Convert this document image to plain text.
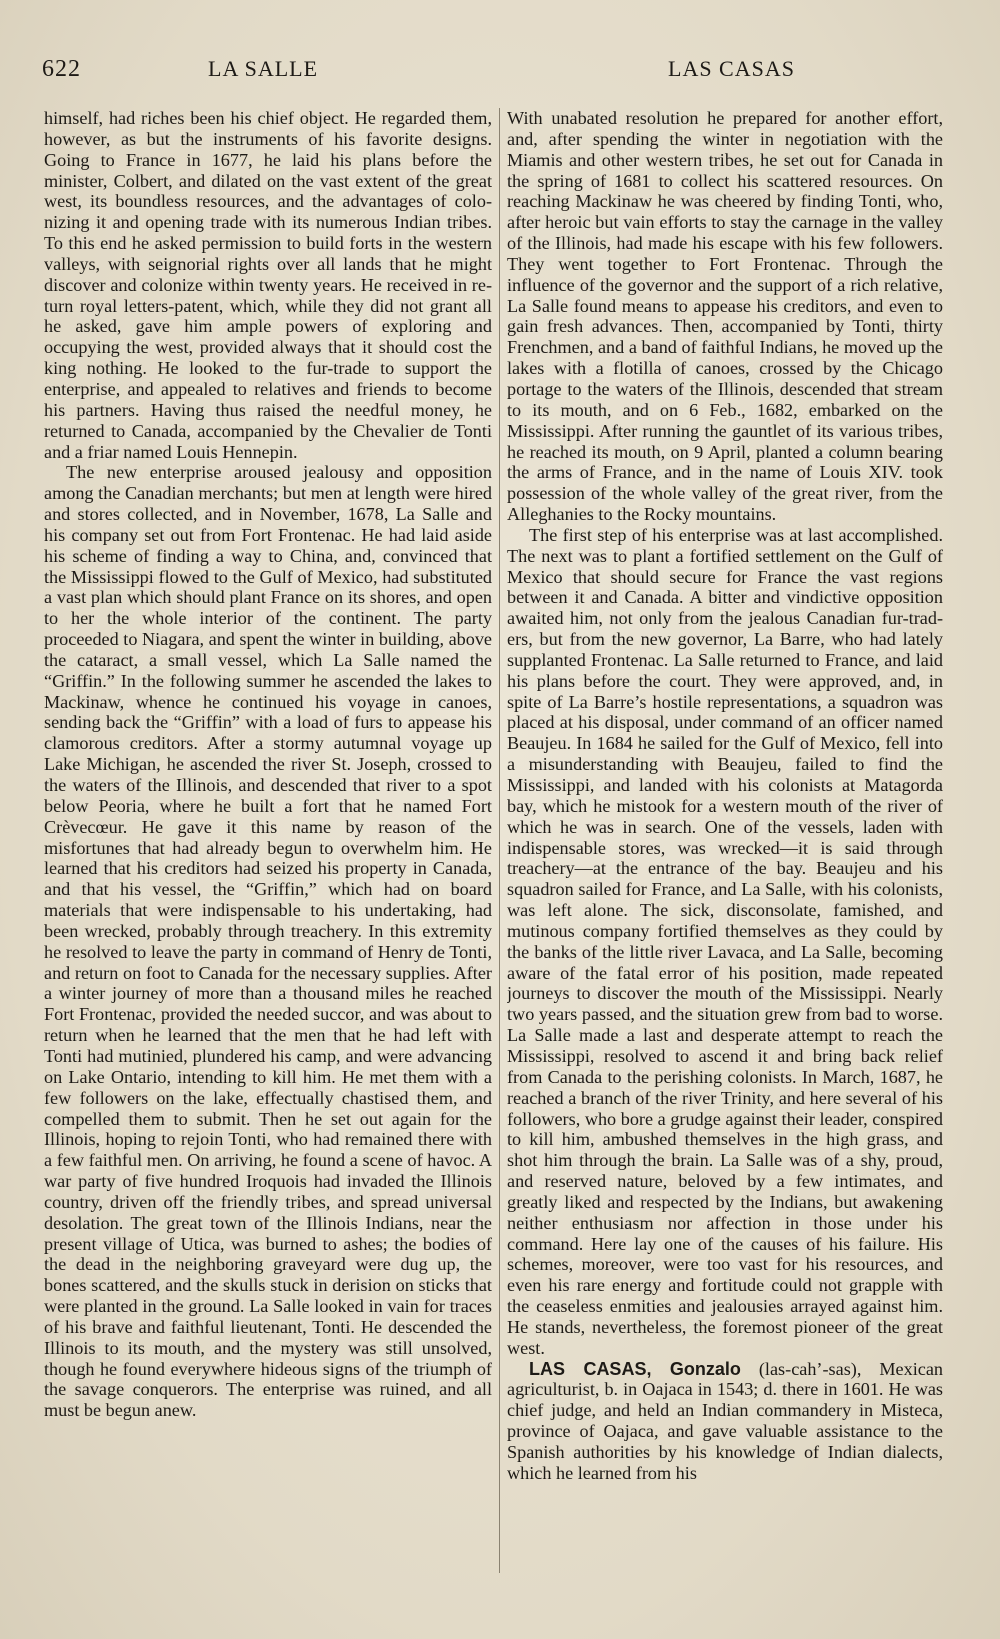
622	LA SALLE	LAS CASAS

himself, had riches been his chief object. He regarded them, however, as but the instruments of his favorite designs. Going to France in 1677, he laid his plans before the minister, Colbert, and dilated on the vast extent of the great west, its boundless resources, and the advantages of colonizing it and opening trade with its numerous Indian tribes. To this end he asked permission to build forts in the western valleys, with seignorial rights over all lands that he might discover and colonize within twenty years. He received in return royal letters-patent, which, while they did not grant all he asked, gave him ample powers of exploring and occupying the west, provided always that it should cost the king nothing. He looked to the fur-trade to support the enterprise, and appealed to relatives and friends to become his partners. Having thus raised the needful money, he returned to Canada, accompanied by the Chevalier de Tonti and a friar named Louis Hennepin.

The new enterprise aroused jealousy and opposition among the Canadian merchants; but men at length were hired and stores collected, and in November, 1678, La Salle and his company set out from Fort Frontenac. He had laid aside his scheme of finding a way to China, and, convinced that the Mississippi flowed to the Gulf of Mexico, had substituted a vast plan which should plant France on its shores, and open to her the whole interior of the continent. The party proceeded to Niagara, and spent the winter in building, above the cataract, a small vessel, which La Salle named the “Griffin.” In the following summer he ascended the lakes to Mackinaw, whence he continued his voyage in canoes, sending back the “Griffin” with a load of furs to appease his clamorous creditors. After a stormy autumnal voyage up Lake Michigan, he ascended the river St. Joseph, crossed to the waters of the Illinois, and descended that river to a spot below Peoria, where he built a fort that he named Fort Crèvecœur. He gave it this name by reason of the misfortunes that had already begun to overwhelm him. He learned that his creditors had seized his property in Canada, and that his vessel, the “Griffin,” which had on board materials that were indispensable to his undertaking, had been wrecked, probably through treachery. In this extremity he resolved to leave the party in command of Henry de Tonti, and return on foot to Canada for the necessary supplies. After a winter journey of more than a thousand miles he reached Fort Frontenac, provided the needed succor, and was about to return when he learned that the men that he had left with Tonti had mutinied, plundered his camp, and were advancing on Lake Ontario, intending to kill him. He met them with a few followers on the lake, effectually chastised them, and compelled them to submit. Then he set out again for the Illinois, hoping to rejoin Tonti, who had remained there with a few faithful men. On arriving, he found a scene of havoc. A war party of five hundred Iroquois had invaded the Illinois country, driven off the friendly tribes, and spread universal desolation. The great town of the Illinois Indians, near the present village of Utica, was burned to ashes; the bodies of the dead in the neighboring graveyard were dug up, the bones scattered, and the skulls stuck in derision on sticks that were planted in the ground. La Salle looked in vain for traces of his brave and faithful lieutenant, Tonti. He descended the Illinois to its mouth, and the mystery was still unsolved, though he found everywhere hideous signs of the triumph of the savage conquerors. The enterprise was ruined, and all must be begun anew.

With unabated resolution he prepared for another effort, and, after spending the winter in negotiation with the Miamis and other western tribes, he set out for Canada in the spring of 1681 to collect his scattered resources. On reaching Mackinaw he was cheered by finding Tonti, who, after heroic but vain efforts to stay the carnage in the valley of the Illinois, had made his escape with his few followers. They went together to Fort Frontenac. Through the influence of the governor and the support of a rich relative, La Salle found means to appease his creditors, and even to gain fresh advances. Then, accompanied by Tonti, thirty Frenchmen, and a band of faithful Indians, he moved up the lakes with a flotilla of canoes, crossed by the Chicago portage to the waters of the Illinois, descended that stream to its mouth, and on 6 Feb., 1682, embarked on the Mississippi. After running the gauntlet of its various tribes, he reached its mouth, on 9 April, planted a column bearing the arms of France, and in the name of Louis XIV. took possession of the whole valley of the great river, from the Alleghanies to the Rocky mountains.

The first step of his enterprise was at last accomplished. The next was to plant a fortified settlement on the Gulf of Mexico that should secure for France the vast regions between it and Canada. A bitter and vindictive opposition awaited him, not only from the jealous Canadian fur-traders, but from the new governor, La Barre, who had lately supplanted Frontenac. La Salle returned to France, and laid his plans before the court. They were approved, and, in spite of La Barre’s hostile representations, a squadron was placed at his disposal, under command of an officer named Beaujeu. In 1684 he sailed for the Gulf of Mexico, fell into a misunderstanding with Beaujeu, failed to find the Mississippi, and landed with his colonists at Matagorda bay, which he mistook for a western mouth of the river of which he was in search. One of the vessels, laden with indispensable stores, was wrecked—it is said through treachery—at the entrance of the bay. Beaujeu and his squadron sailed for France, and La Salle, with his colonists, was left alone. The sick, disconsolate, famished, and mutinous company fortified themselves as they could by the banks of the little river Lavaca, and La Salle, becoming aware of the fatal error of his position, made repeated journeys to discover the mouth of the Mississippi. Nearly two years passed, and the situation grew from bad to worse. La Salle made a last and desperate attempt to reach the Mississippi, resolved to ascend it and bring back relief from Canada to the perishing colonists. In March, 1687, he reached a branch of the river Trinity, and here several of his followers, who bore a grudge against their leader, conspired to kill him, ambushed themselves in the high grass, and shot him through the brain. La Salle was of a shy, proud, and reserved nature, beloved by a few intimates, and greatly liked and respected by the Indians, but awakening neither enthusiasm nor affection in those under his command. Here lay one of the causes of his failure. His schemes, moreover, were too vast for his resources, and even his rare energy and fortitude could not grapple with the ceaseless enmities and jealousies arrayed against him. He stands, nevertheless, the foremost pioneer of the great west.

LAS CASAS, Gonzalo (las-cah’-sas), Mexican agriculturist, b. in Oajaca in 1543; d. there in 1601. He was chief judge, and held an Indian commandery in Misteca, province of Oajaca, and gave valuable assistance to the Spanish authorities by his knowledge of Indian dialects, which he learned from his
